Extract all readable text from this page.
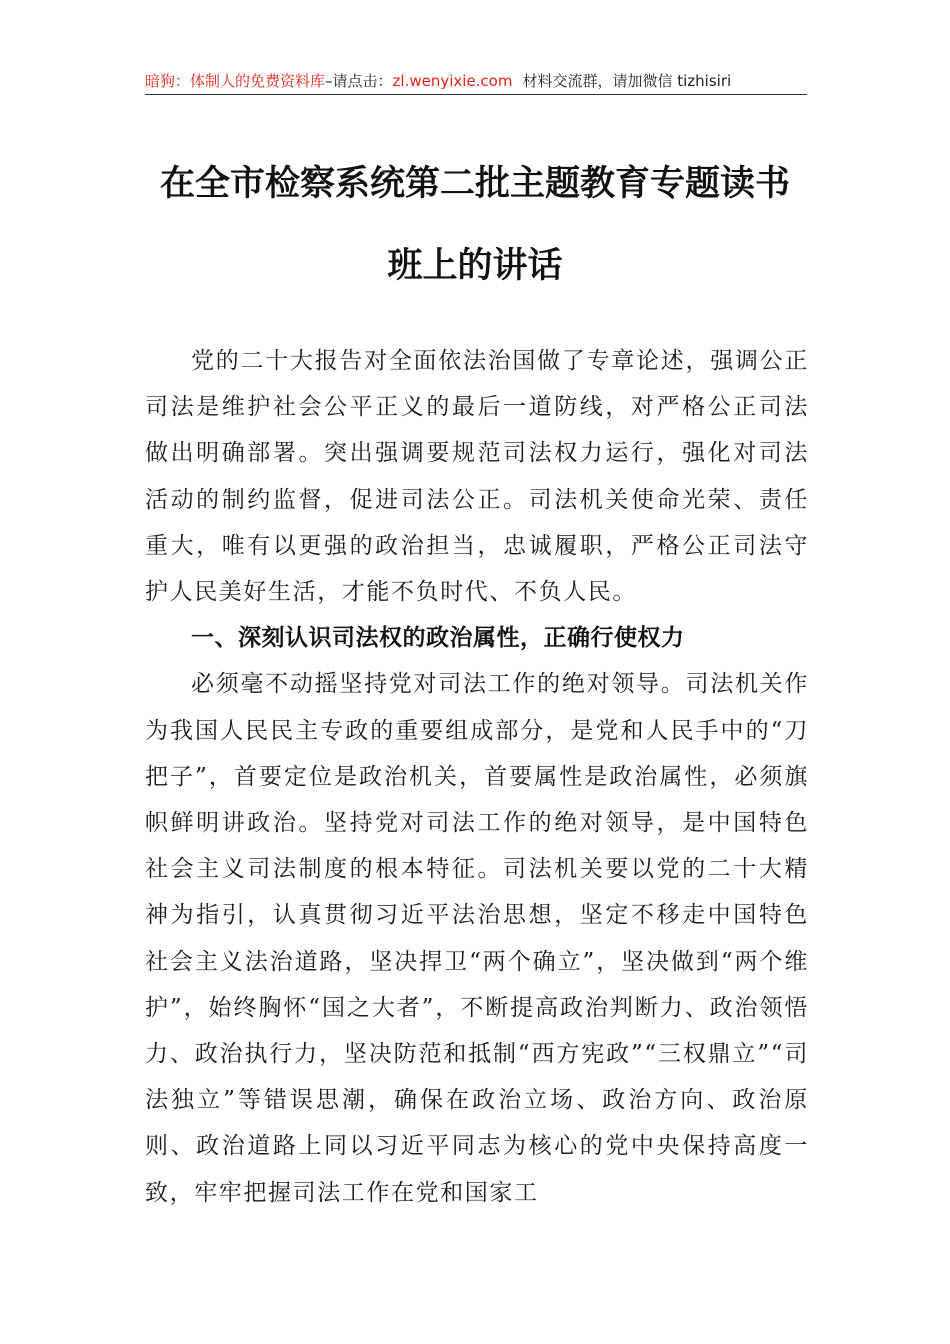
暗狗：体制人的免费资料库–请点击：zl.wenyixie.com 材料交流群，请加微信 tizhisiri
在全市检察系统第二批主题教育专题读书
班上的讲话

党的二十大报告对全面依法治国做了专章论述，强调公正司法是维护社会公平正义的最后一道防线，对严格公正司法做出明确部署。突出强调要规范司法权力运行，强化对司法活动的制约监督，促进司法公正。司法机关使命光荣、责任重大，唯有以更强的政治担当，忠诚履职，严格公正司法守护人民美好生活，才能不负时代、不负人民。

一、深刻认识司法权的政治属性，正确行使权力

必须毫不动摇坚持党对司法工作的绝对领导。司法机关作为我国人民民主专政的重要组成部分，是党和人民手中的“刀把子”，首要定位是政治机关，首要属性是政治属性，必须旗帜鲜明讲政治。坚持党对司法工作的绝对领导，是中国特色社会主义司法制度的根本特征。司法机关要以党的二十大精神为指引，认真贯彻习近平法治思想，坚定不移走中国特色社会主义法治道路，坚决捍卫“两个确立”，坚决做到“两个维护”，始终胸怀“国之大者”，不断提高政治判断力、政治领悟力、政治执行力，坚决防范和抵制“西方宪政”“三权鼎立”“司法独立”等错误思潮，确保在政治立场、政治方向、政治原则、政治道路上同以习近平同志为核心的党中央保持高度一致，牢牢把握司法工作在党和国家工
